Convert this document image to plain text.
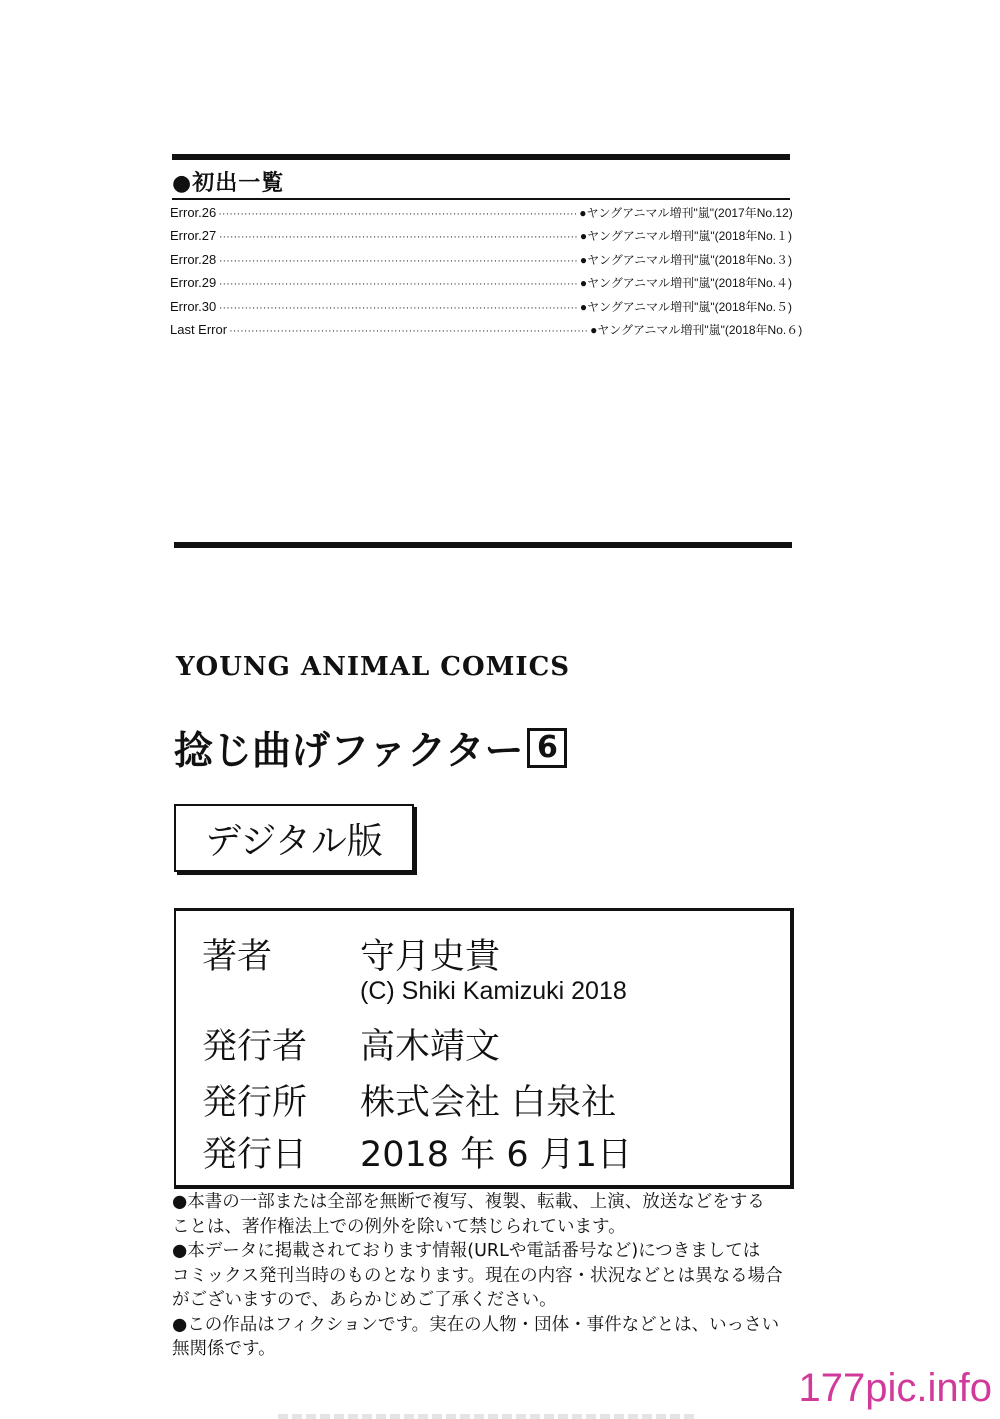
●初出一覧
Error.26 ·································································································· ●ヤングアニマル増刊"嵐"(2017年No.12)
Error.27 ·································································································· ●ヤングアニマル増刊"嵐"(2018年No.１)
Error.28 ·································································································· ●ヤングアニマル増刊"嵐"(2018年No.３)
Error.29 ·································································································· ●ヤングアニマル増刊"嵐"(2018年No.４)
Error.30 ·································································································· ●ヤングアニマル増刊"嵐"(2018年No.５)
Last Error ·································································································· ●ヤングアニマル増刊"嵐"(2018年No.６)
YOUNG ANIMAL COMICS
捻じ曲げファクター 6
デジタル版
著者	守月史貴
(C) Shiki Kamizuki 2018
発行者 高木靖文
発行所 株式会社 白泉社
発行日 2018 年 6 月1日
●本書の一部または全部を無断で複写、複製、転載、上演、放送などをする
ことは、著作権法上での例外を除いて禁じられています。
●本データに掲載されております情報(URLや電話番号など)につきましては
コミックス発刊当時のものとなります。現在の内容・状況などとは異なる場合
がございますので、あらかじめご了承ください。
●この作品はフィクションです。実在の人物・団体・事件などとは、いっさい
無関係です。
177pic.info
